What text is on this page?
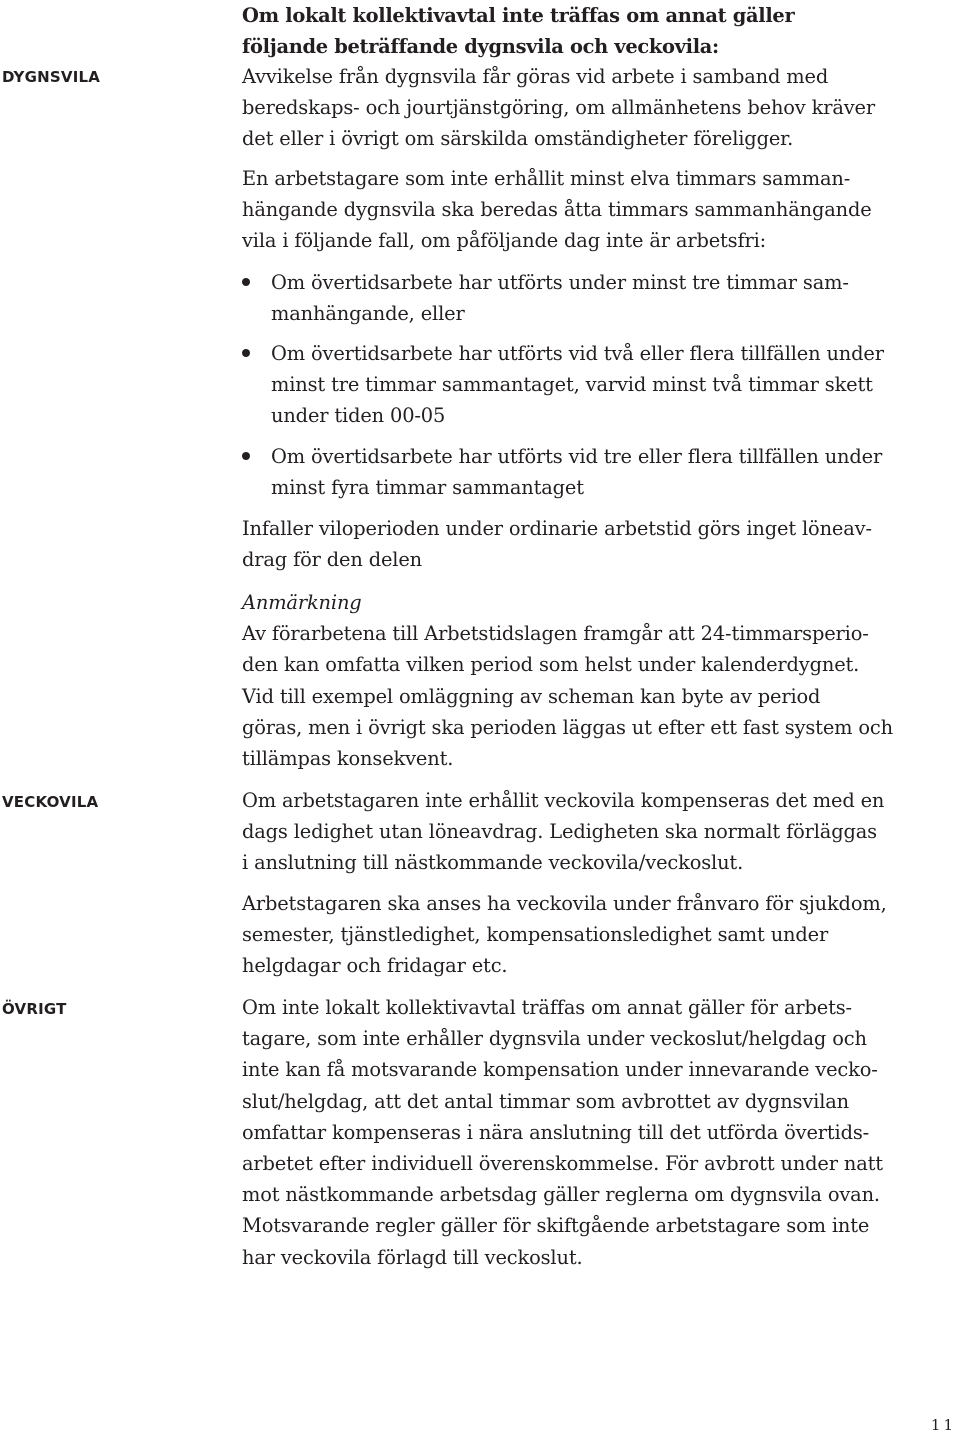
DYGNSVILA
VECKOVILA
ÖVRIGT
Om lokalt kollektivavtal inte träffas om annat gäller
följande beträffande dygnsvila och veckovila:
Avvikelse från dygnsvila får göras vid arbete i samband med
beredskaps- och jourtjänstgöring, om allmänhetens behov kräver
det eller i övrigt om särskilda omständigheter föreligger.
En arbetstagare som inte erhållit minst elva timmars samman-
hängande dygnsvila ska beredas åtta timmars sammanhängande
vila i följande fall, om påföljande dag inte är arbetsfri:
Om övertidsarbete har utförts under minst tre timmar sam-
manhängande, eller
Om övertidsarbete har utförts vid två eller flera tillfällen under
minst tre timmar sammantaget, varvid minst två timmar skett
under tiden 00-05
Om övertidsarbete har utförts vid tre eller flera tillfällen under
minst fyra timmar sammantaget
Infaller viloperioden under ordinarie arbetstid görs inget löneav-
drag för den delen
Anmärkning
Av förarbetena till Arbetstidslagen framgår att 24-timmarsperio-
den kan omfatta vilken period som helst under kalenderdygnet.
Vid till exempel omläggning av scheman kan byte av period
göras, men i övrigt ska perioden läggas ut efter ett fast system och
tillämpas konsekvent.
Om arbetstagaren inte erhållit veckovila kompenseras det med en
dags ledighet utan löneavdrag. Ledigheten ska normalt förläggas
i anslutning till nästkommande veckovila/veckoslut.
Arbetstagaren ska anses ha veckovila under frånvaro för sjukdom,
semester, tjänstledighet, kompensationsledighet samt under
helgdagar och fridagar etc.
Om inte lokalt kollektivavtal träffas om annat gäller för arbets-
tagare, som inte erhåller dygnsvila under veckoslut/helgdag och
inte kan få motsvarande kompensation under innevarande vecko-
slut/helgdag, att det antal timmar som avbrottet av dygnsvilan
omfattar kompenseras i nära anslutning till det utförda övertids-
arbetet efter individuell överenskommelse. För avbrott under natt
mot nästkommande arbetsdag gäller reglerna om dygnsvila ovan.
Motsvarande regler gäller för skiftgående arbetstagare som inte
har veckovila förlagd till veckoslut.
11
